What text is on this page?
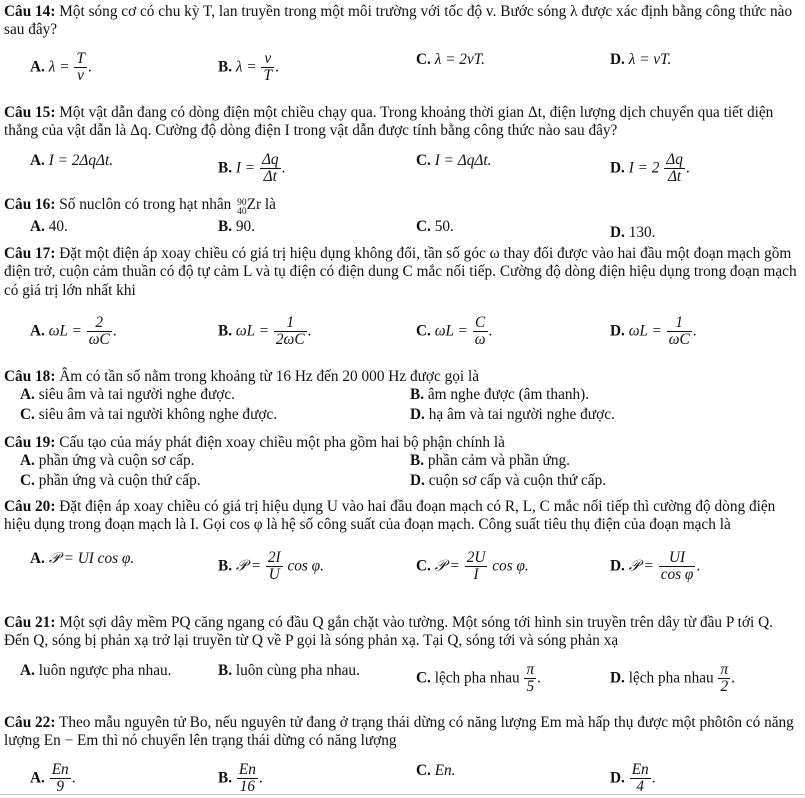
Câu 14: Một sóng cơ có chu kỳ T, lan truyền trong một môi trường với tốc độ v. Bước sóng λ được xác định bằng công thức nào sau đây?

A. $\lambda = \frac{T}{v}$ .	B. $\lambda = \frac{v}{T}$ .	C. λ = 2vT.	D. λ = vT.

Câu 15: Một vật dẫn đang có dòng điện một chiều chạy qua. Trong khoảng thời gian Δt, điện lượng dịch chuyển qua tiết diện thẳng của vật dẫn là Δq. Cường độ dòng điện I trong vật dẫn được tính bằng công thức nào sau đây?

A. I = 2ΔqΔt.	B. $I = \frac{\Delta q}{\Delta t}$ .	C. I = ΔqΔt.	D. $I = 2 \frac{\Delta q}{\Delta t}$ .

Câu 16: Số nuclôn có trong hạt nhân 90
40 Zr là

A. 40.	B. 90.	C. 50.	D. 130.

Câu 17: Đặt một điện áp xoay chiều có giá trị hiệu dụng không đổi, tần số góc ω thay đổi được vào hai đầu một đoạn mạch gồm điện trở, cuộn cảm thuần có độ tự cảm L và tụ điện có điện dung C mắc nối tiếp. Cường độ dòng điện hiệu dụng trong đoạn mạch có giá trị lớn nhất khi

A. $\omega L = \frac{2}{\omega C}$ .	B. $\omega L = \frac{1}{2\omega C}$ .	C. $\omega L = \frac{C}{\omega}$ .	D. $\omega L = \frac{1}{\omega C}$ .

Câu 18: Âm có tần số nằm trong khoảng từ 16 Hz đến 20 000 Hz được gọi là

A. siêu âm và tai người nghe được.	B. âm nghe được (âm thanh).
C. siêu âm và tai người không nghe được.	D. hạ âm và tai người nghe được.

Câu 19: Cấu tạo của máy phát điện xoay chiều một pha gồm hai bộ phận chính là

A. phần ứng và cuộn sơ cấp.	B. phần cảm và phần ứng.
C. phần ứng và cuộn thứ cấp.	D. cuộn sơ cấp và cuộn thứ cấp.

Câu 20: Đặt điện áp xoay chiều có giá trị hiệu dụng U vào hai đầu đoạn mạch có R, L, C mắc nối tiếp thì cường độ dòng điện hiệu dụng trong đoạn mạch là I. Gọi cos φ là hệ số công suất của đoạn mạch. Công suất tiêu thụ điện của đoạn mạch là

A. 𝒫 = UI cos φ.	B. 𝒫 = $\frac{2I}{U}$ cos φ.	C. 𝒫 = $\frac{2U}{I}$ cos φ.	D. 𝒫 = $\frac{UI}{\text{cos φ}}$ .

Câu 21: Một sợi dây mềm PQ căng ngang có đầu Q gắn chặt vào tường. Một sóng tới hình sin truyền trên dây từ đầu P tới Q. Đến Q, sóng bị phản xạ trở lại truyền từ Q về P gọi là sóng phản xạ. Tại Q, sóng tới và sóng phản xạ

A. luôn ngược pha nhau.	B. luôn cùng pha nhau.	C. lệch pha nhau $\frac{\pi}{5}$ .	D. lệch pha nhau $\frac{\pi}{2}$ .

Câu 22: Theo mẫu nguyên tử Bo, nếu nguyên tử đang ở trạng thái dừng có năng lượng Em mà hấp thụ được một phôtôn có năng lượng En − Em thì nó chuyển lên trạng thái dừng có năng lượng

A. $\frac{En}{9}$ .	B. $\frac{En}{16}$ .	C. En.	D. $\frac{En}{4}$ .
